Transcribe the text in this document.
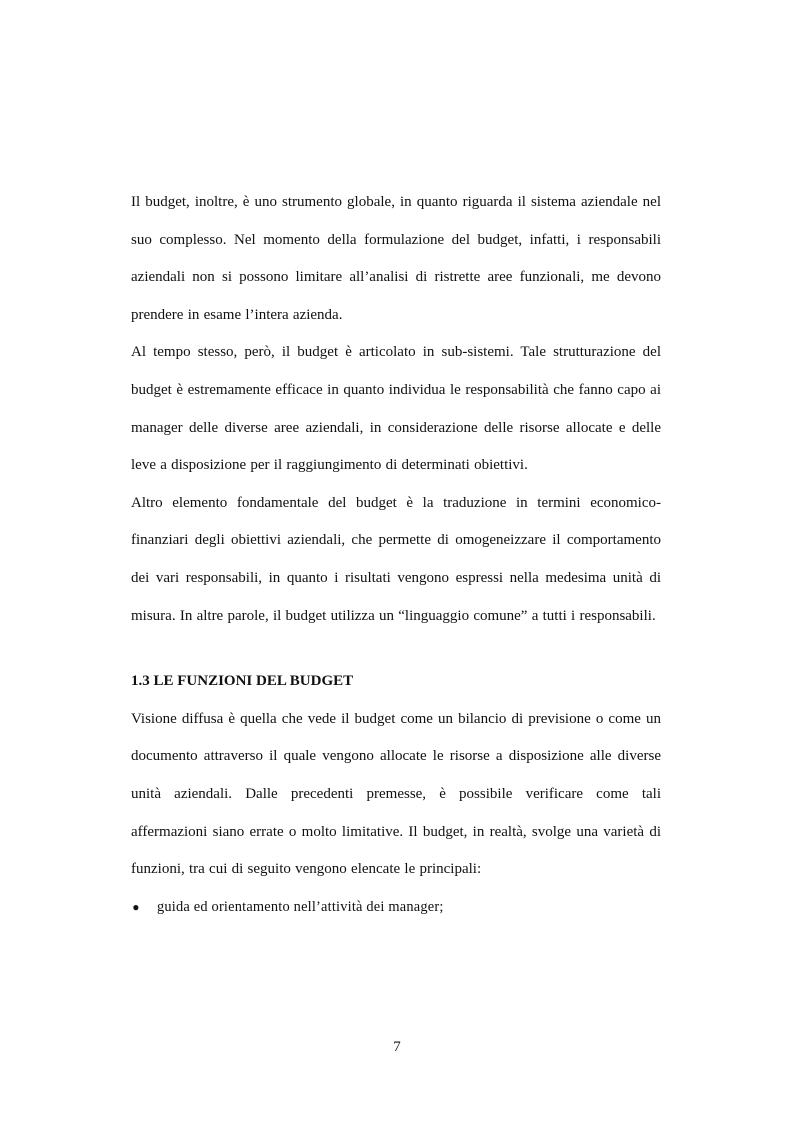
Il budget, inoltre, è uno strumento globale, in quanto riguarda il sistema aziendale nel suo complesso. Nel momento della formulazione del budget, infatti, i responsabili aziendali non si possono limitare all’analisi di ristrette aree funzionali, me devono prendere in esame l’intera azienda.

Al tempo stesso, però, il budget è articolato in sub-sistemi. Tale strutturazione del budget è estremamente efficace in quanto individua le responsabilità che fanno capo ai manager delle diverse aree aziendali, in considerazione delle risorse allocate e delle leve a disposizione per il raggiungimento di determinati obiettivi.

Altro elemento fondamentale del budget è la traduzione in termini economico-finanziari degli obiettivi aziendali, che permette di omogeneizzare il comportamento dei vari responsabili, in quanto i risultati vengono espressi nella medesima unità di misura. In altre parole, il budget utilizza un “linguaggio comune” a tutti i responsabili.

1.3 LE FUNZIONI DEL BUDGET

Visione diffusa è quella che vede il budget come un bilancio di previsione o come un documento attraverso il quale vengono allocate le risorse a disposizione alle diverse unità aziendali. Dalle precedenti premesse, è possibile verificare come tali affermazioni siano errate o molto limitative. Il budget, in realtà, svolge una varietà di funzioni, tra cui di seguito vengono elencate le principali:

● guida ed orientamento nell’attività dei manager;
7
